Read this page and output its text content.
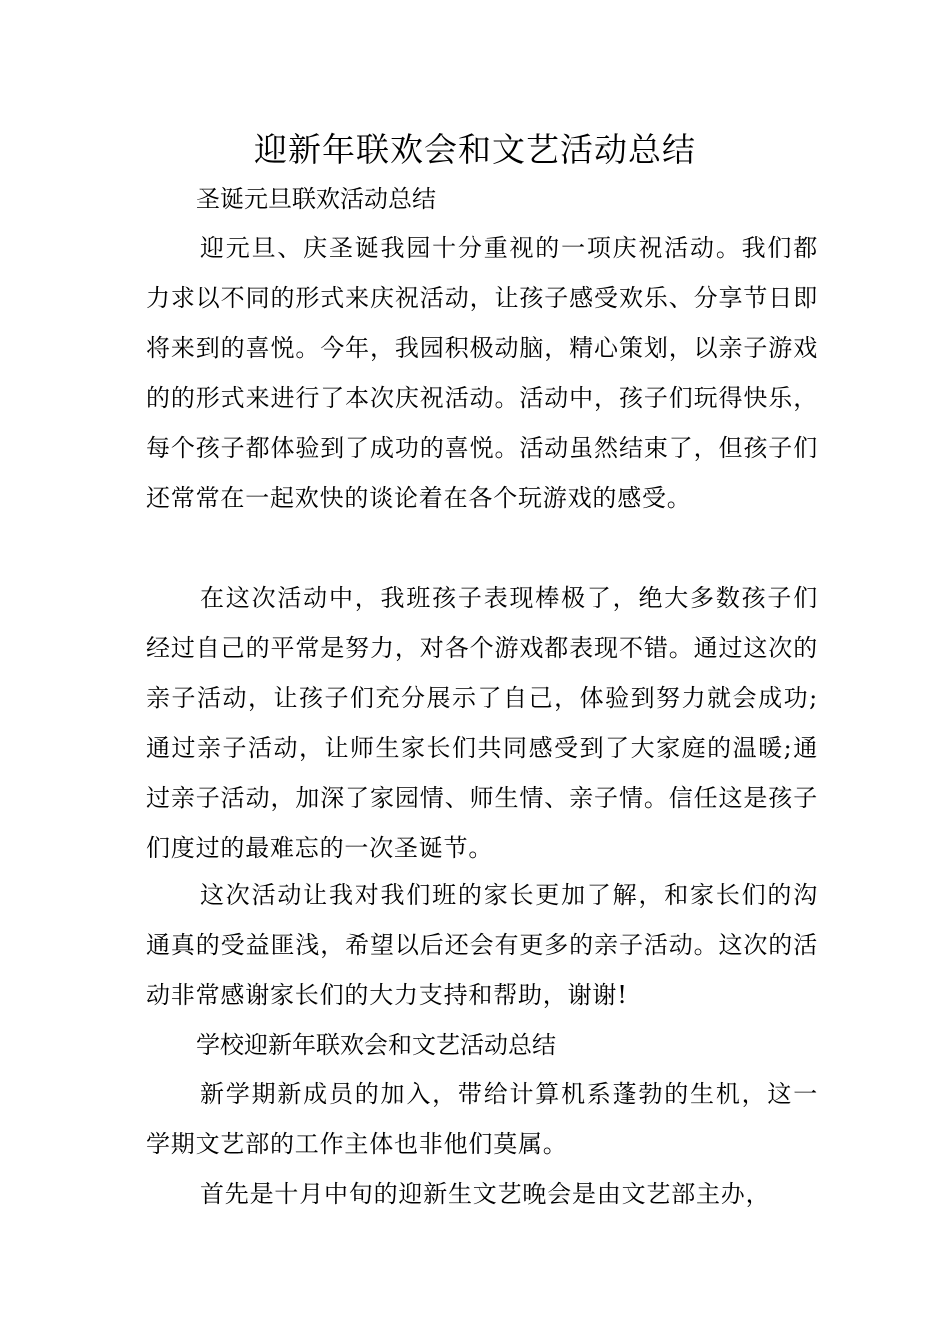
迎新年联欢会和文艺活动总结
圣诞元旦联欢活动总结

迎元旦、庆圣诞我园十分重视的一项庆祝活动。我们都力求以不同的形式来庆祝活动，让孩子感受欢乐、分享节日即将来到的喜悦。今年，我园积极动脑，精心策划，以亲子游戏的的形式来进行了本次庆祝活动。活动中，孩子们玩得快乐，每个孩子都体验到了成功的喜悦。活动虽然结束了，但孩子们还常常在一起欢快的谈论着在各个玩游戏的感受。

在这次活动中，我班孩子表现棒极了，绝大多数孩子们经过自己的平常是努力，对各个游戏都表现不错。通过这次的亲子活动，让孩子们充分展示了自己，体验到努力就会成功;通过亲子活动，让师生家长们共同感受到了大家庭的温暖;通过亲子活动，加深了家园情、师生情、亲子情。信任这是孩子们度过的最难忘的一次圣诞节。

这次活动让我对我们班的家长更加了解，和家长们的沟通真的受益匪浅，希望以后还会有更多的亲子活动。这次的活动非常感谢家长们的大力支持和帮助，谢谢!

学校迎新年联欢会和文艺活动总结

新学期新成员的加入，带给计算机系蓬勃的生机，这一学期文艺部的工作主体也非他们莫属。

首先是十月中旬的迎新生文艺晚会是由文艺部主办，
